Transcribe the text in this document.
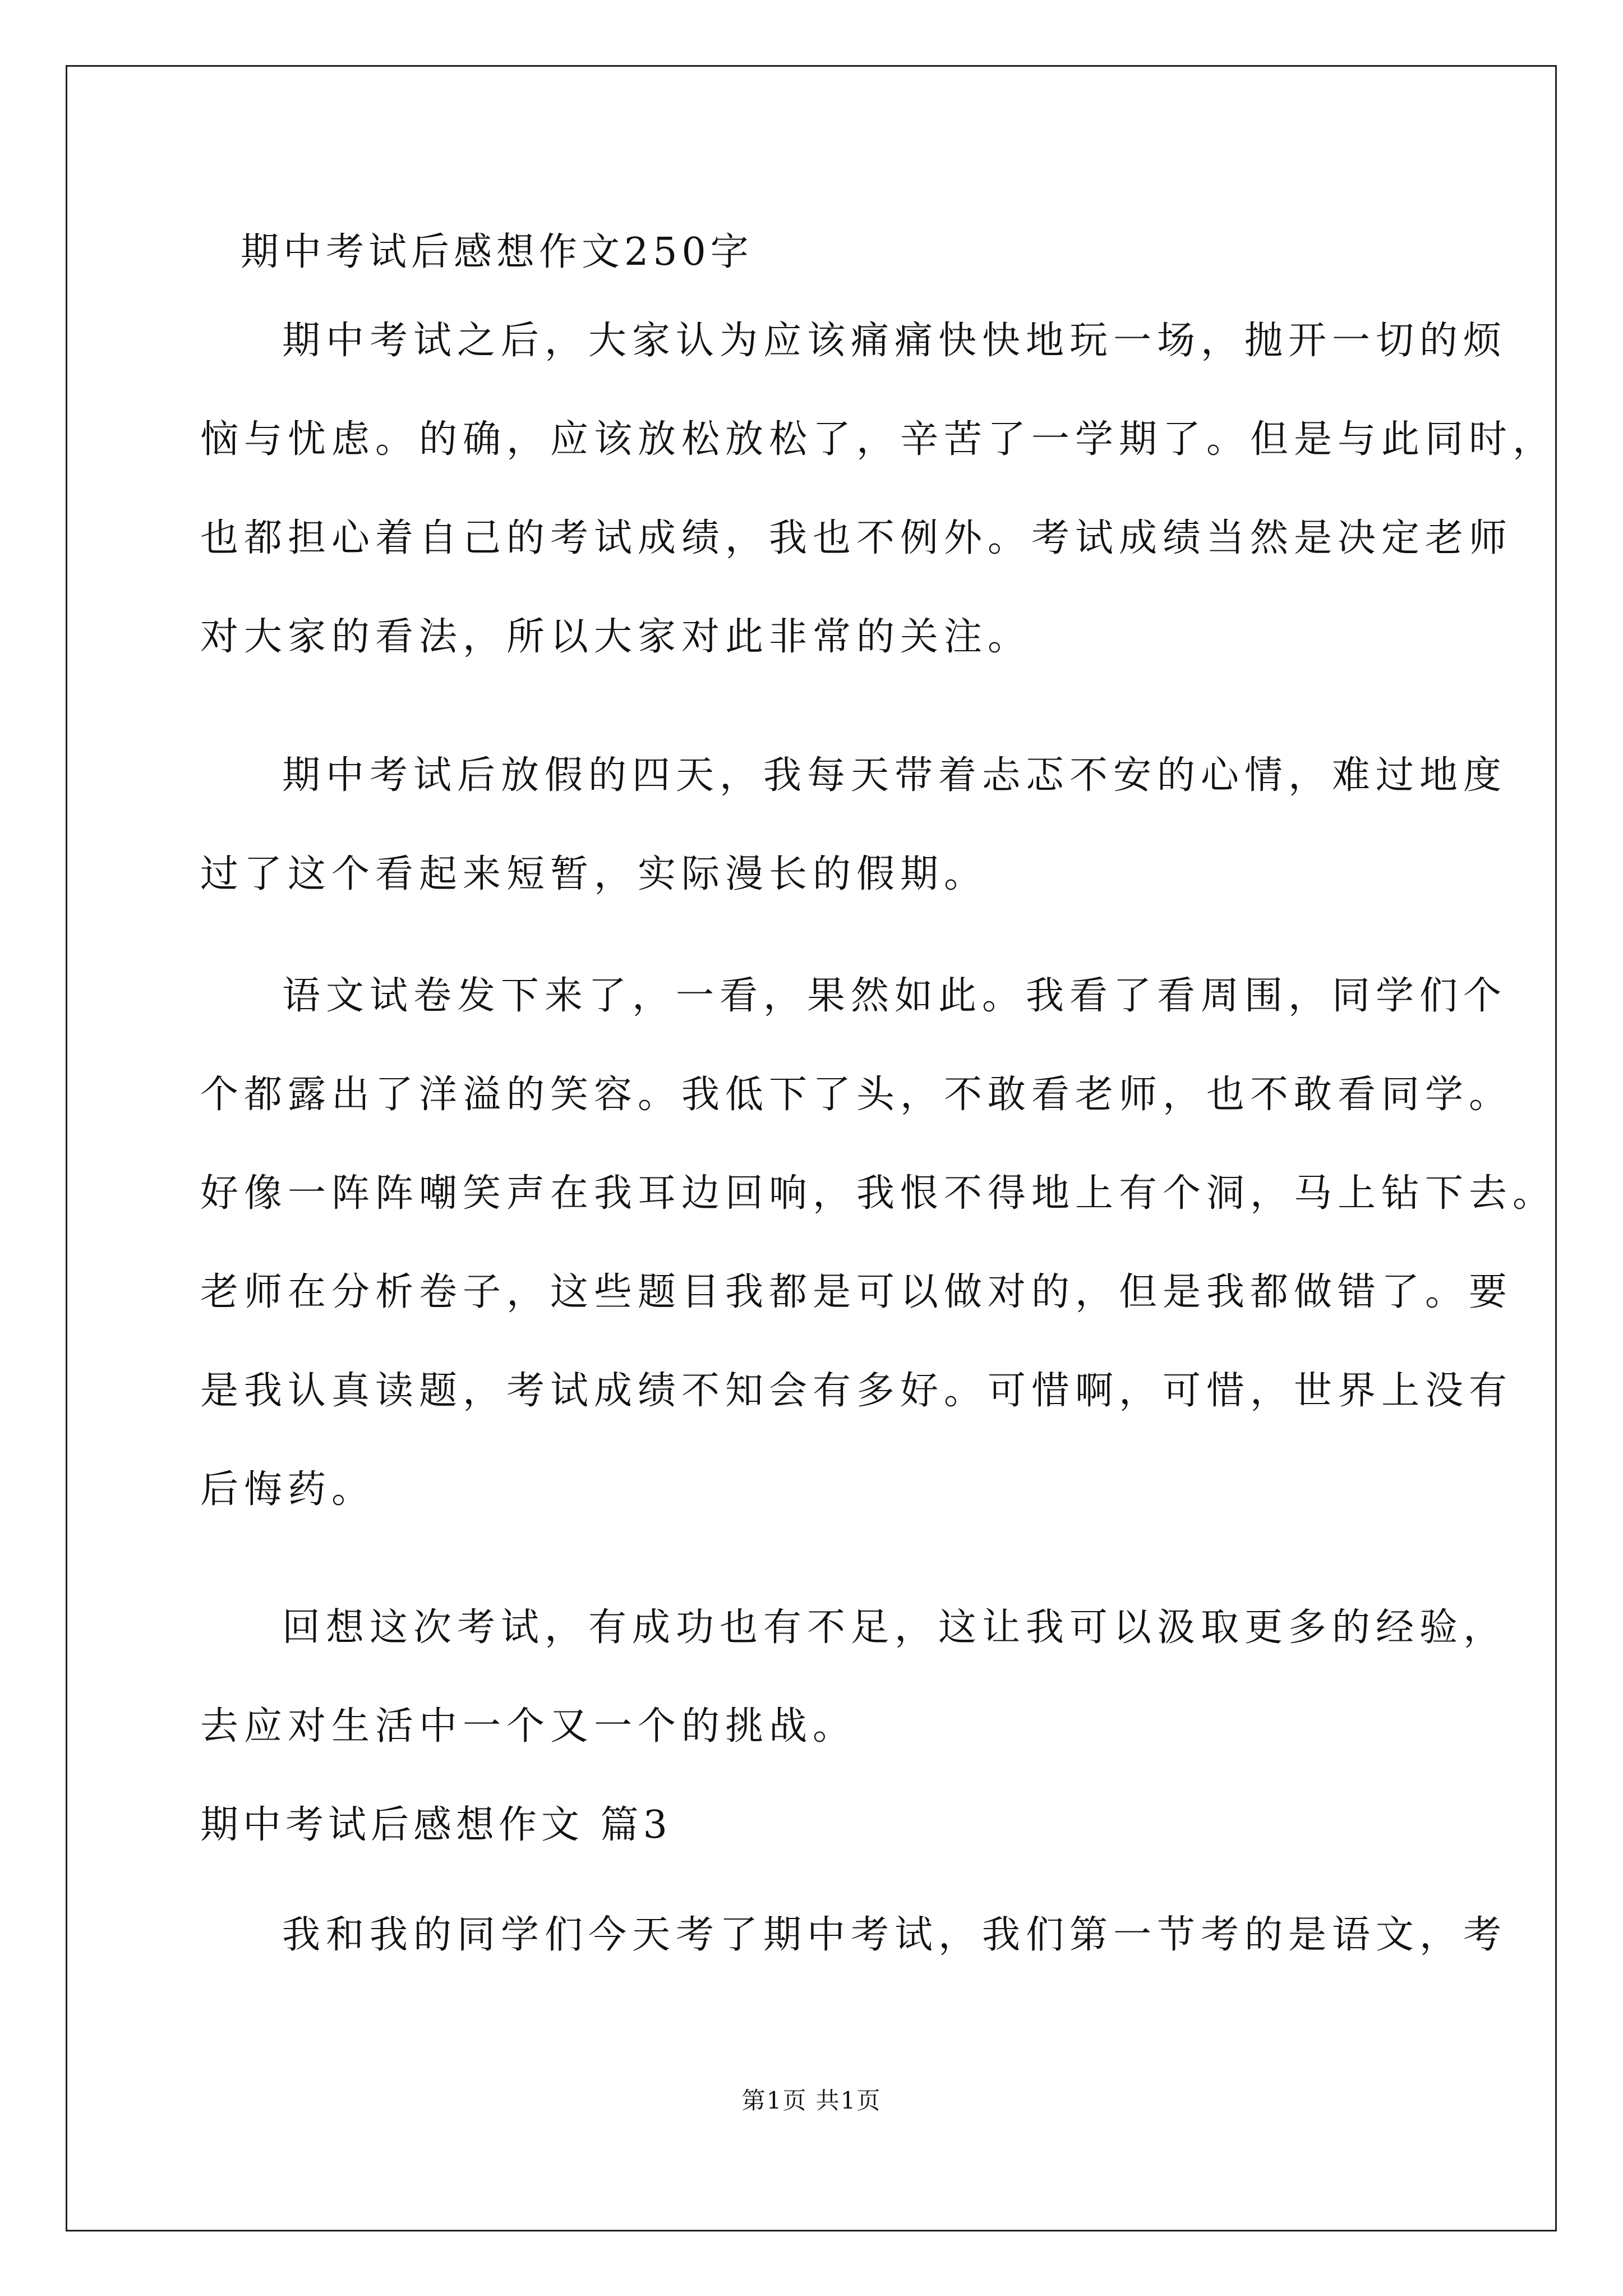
期中考试后感想作文250字
期中考试之后，大家认为应该痛痛快快地玩一场，抛开一切的烦
恼与忧虑。的确，应该放松放松了，辛苦了一学期了。但是与此同时，
也都担心着自己的考试成绩，我也不例外。考试成绩当然是决定老师
对大家的看法，所以大家对此非常的关注。
期中考试后放假的四天，我每天带着忐忑不安的心情，难过地度
过了这个看起来短暂，实际漫长的假期。
语文试卷发下来了，一看，果然如此。我看了看周围，同学们个
个都露出了洋溢的笑容。我低下了头，不敢看老师，也不敢看同学。
好像一阵阵嘲笑声在我耳边回响，我恨不得地上有个洞，马上钻下去。
老师在分析卷子，这些题目我都是可以做对的，但是我都做错了。要
是我认真读题，考试成绩不知会有多好。可惜啊，可惜，世界上没有
后悔药。
回想这次考试，有成功也有不足，这让我可以汲取更多的经验，
去应对生活中一个又一个的挑战。
期中考试后感想作文 篇3
我和我的同学们今天考了期中考试，我们第一节考的是语文，考
第1页 共1页
